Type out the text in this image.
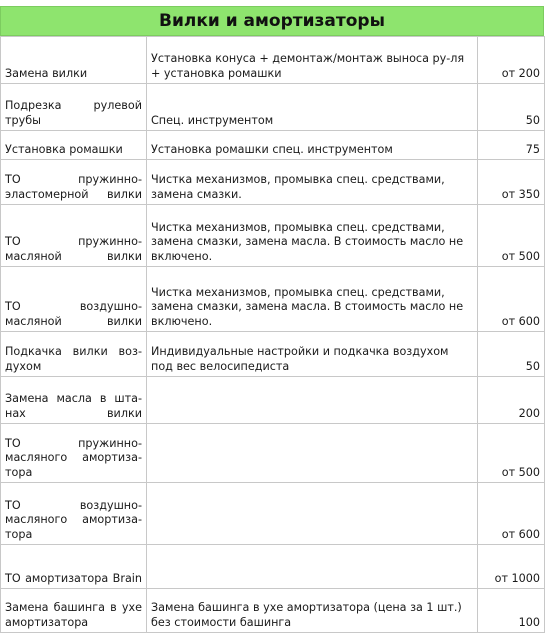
Вилки и амортизаторы
Замена вилки	Установка конуса + демонтаж/монтаж выноса ру-ля + установка ромашки	от 200
Подрезка рулевой трубы	Спец. инструментом	50
Установка ромашки	Установка ромашки спец. инструментом	75
ТО пружинно-эластомерной вилки	Чистка механизмов, промывка спец. средствами, замена смазки.	от 350
ТО пружинно-масляной вилки	Чистка механизмов, промывка спец. средствами, замена смазки, замена масла. В стоимость масло не включено.	от 500
ТО воздушно-масляной вилки	Чистка механизмов, промывка спец. средствами, замена смазки, замена масла. В стоимость масло не включено.	от 600
Подкачка вилки воз-духом	Индивидуальные настройки и подкачка воздухом под вес велосипедиста	50
Замена масла в шта-нах вилки		200
ТО пружинно-масляного амортиза-тора		от 500
ТО воздушно-масляного амортиза-тора		от 600
ТО амортизатора Brain		от 1000
Замена башинга в ухе амортизатора	Замена башинга в ухе амортизатора (цена за 1 шт.) без стоимости башинга	100
